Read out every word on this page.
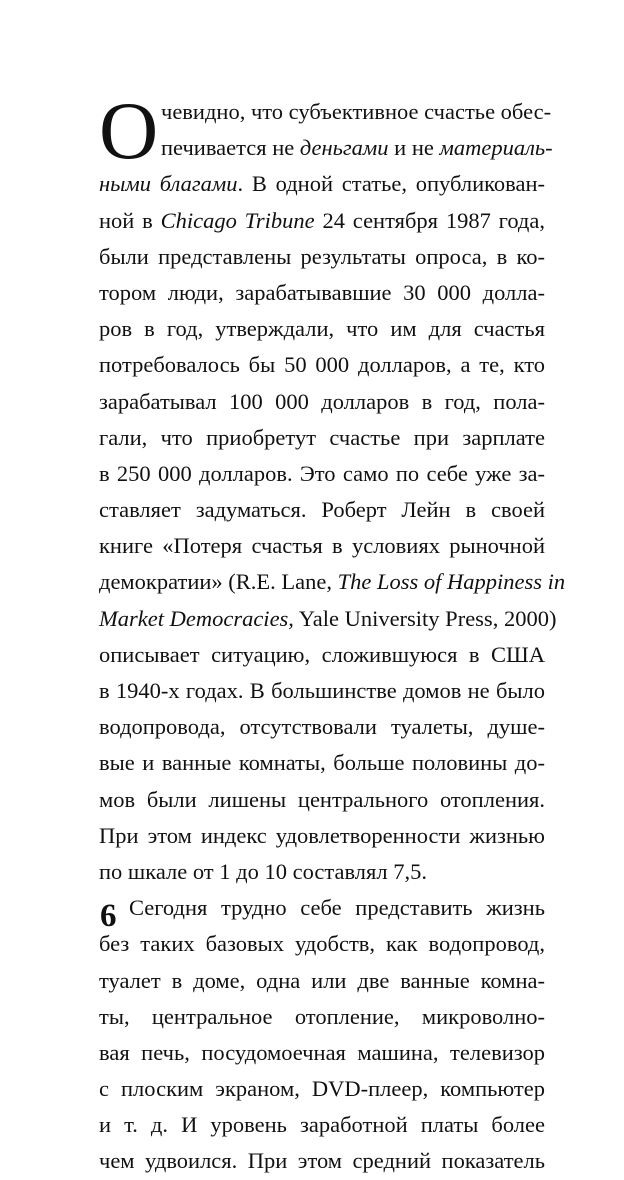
О чевидно, что субъективное счастье обес-
печивается не деньгами и не материаль-
ными благами. В одной статье, опубликован-
ной в Chicago Tribune 24 сентября 1987 года,
были представлены результаты опроса, в ко-
тором люди, зарабатывавшие 30 000 долла-
ров в год, утверждали, что им для счастья
потребовалось бы 50 000 долларов, а те, кто
зарабатывал 100 000 долларов в год, пола-
гали, что приобретут счастье при зарплате
в 250 000 долларов. Это само по себе уже за-
ставляет задуматься. Роберт Лейн в своей
книге «Потеря счастья в условиях рыночной
демократии» (R.E. Lane, The Loss of Happiness in
Market Democracies, Yale University Press, 2000)
описывает ситуацию, сложившуюся в США
в 1940-х годах. В большинстве домов не было
водопровода, отсутствовали туалеты, душе-
вые и ванные комнаты, больше половины до-
мов были лишены центрального отопления.
При этом индекс удовлетворенности жизнью
по шкале от 1 до 10 составлял 7,5.
Сегодня трудно себе представить жизнь
без таких базовых удобств, как водопровод,
туалет в доме, одна или две ванные комна-
ты, центральное отопление, микроволно-
вая печь, посудомоечная машина, телевизор
с плоским экраном, DVD-плеер, компьютер
и т. д. И уровень заработной платы более
чем удвоился. При этом средний показатель
6
